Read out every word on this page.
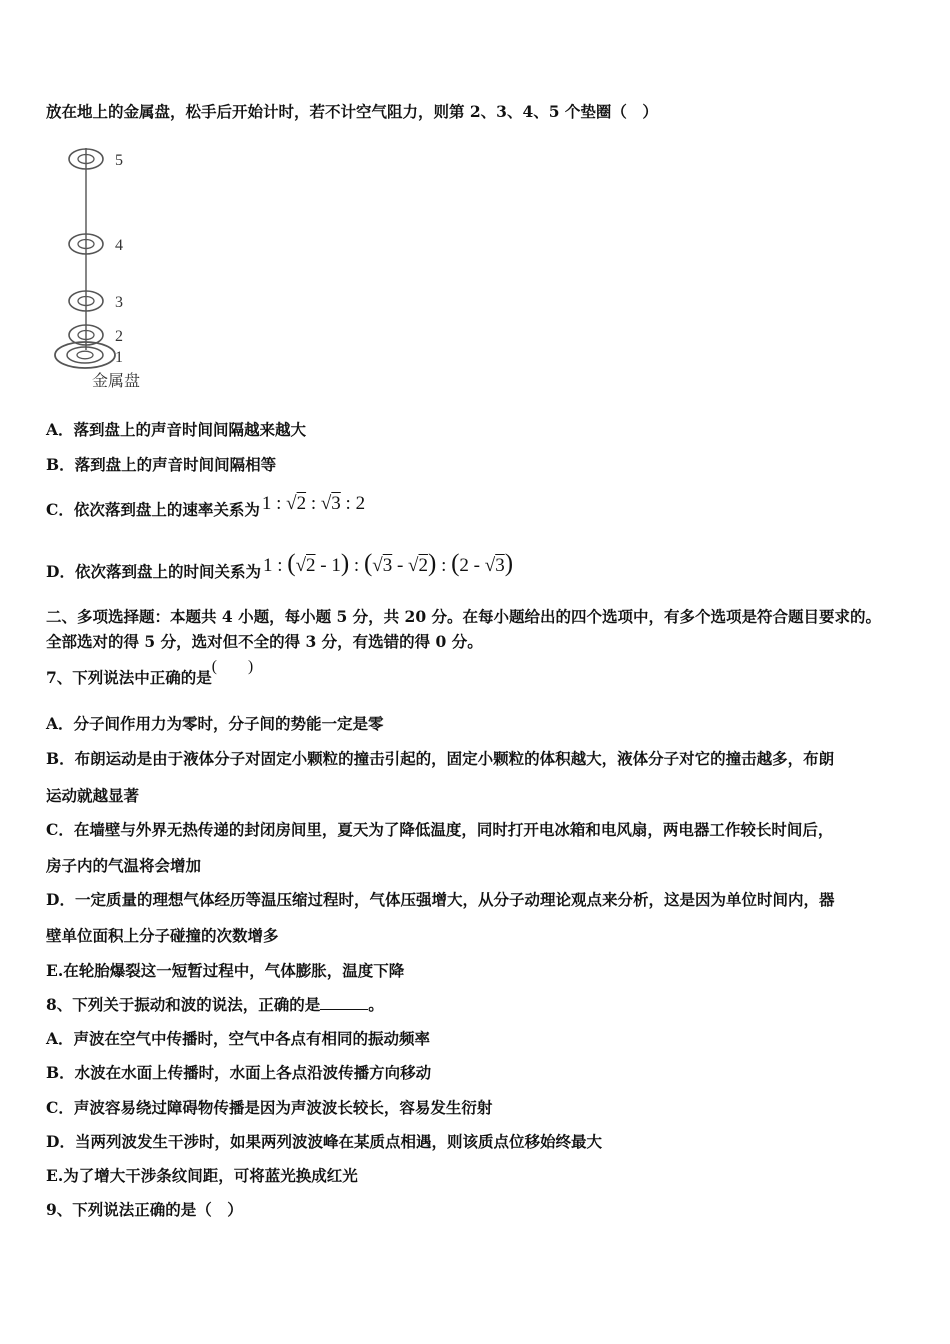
放在地上的金属盘，松手后开始计时，若不计空气阻力，则第 2、3、4、5 个垫圈（　）
5
4
3
2
1
金属盘
A．落到盘上的声音时间间隔越来越大
B．落到盘上的声音时间间隔相等
C．依次落到盘上的速率关系为 1 : √2 : √3 : 2
D．依次落到盘上的时间关系为 1 : (√2 - 1) : (√3 - √2) : (2 - √3)
二、多项选择题：本题共 4 小题，每小题 5 分，共 20 分。在每小题给出的四个选项中，有多个选项是符合题目要求的。
全部选对的得 5 分，选对但不全的得 3 分，有选错的得 0 分。
7、下列说法中正确的是(　　)
A．分子间作用力为零时，分子间的势能一定是零
B．布朗运动是由于液体分子对固定小颗粒的撞击引起的，固定小颗粒的体积越大，液体分子对它的撞击越多，布朗
运动就越显著
C．在墙壁与外界无热传递的封闭房间里，夏天为了降低温度，同时打开电冰箱和电风扇，两电器工作较长时间后，
房子内的气温将会增加
D．一定质量的理想气体经历等温压缩过程时，气体压强增大，从分子动理论观点来分析，这是因为单位时间内，器
壁单位面积上分子碰撞的次数增多
E.在轮胎爆裂这一短暂过程中，气体膨胀，温度下降
8、下列关于振动和波的说法，正确的是	。
A．声波在空气中传播时，空气中各点有相同的振动频率
B．水波在水面上传播时，水面上各点沿波传播方向移动
C．声波容易绕过障碍物传播是因为声波波长较长，容易发生衍射
D．当两列波发生干涉时，如果两列波波峰在某质点相遇，则该质点位移始终最大
E.为了增大干涉条纹间距，可将蓝光换成红光
9、下列说法正确的是（　）
